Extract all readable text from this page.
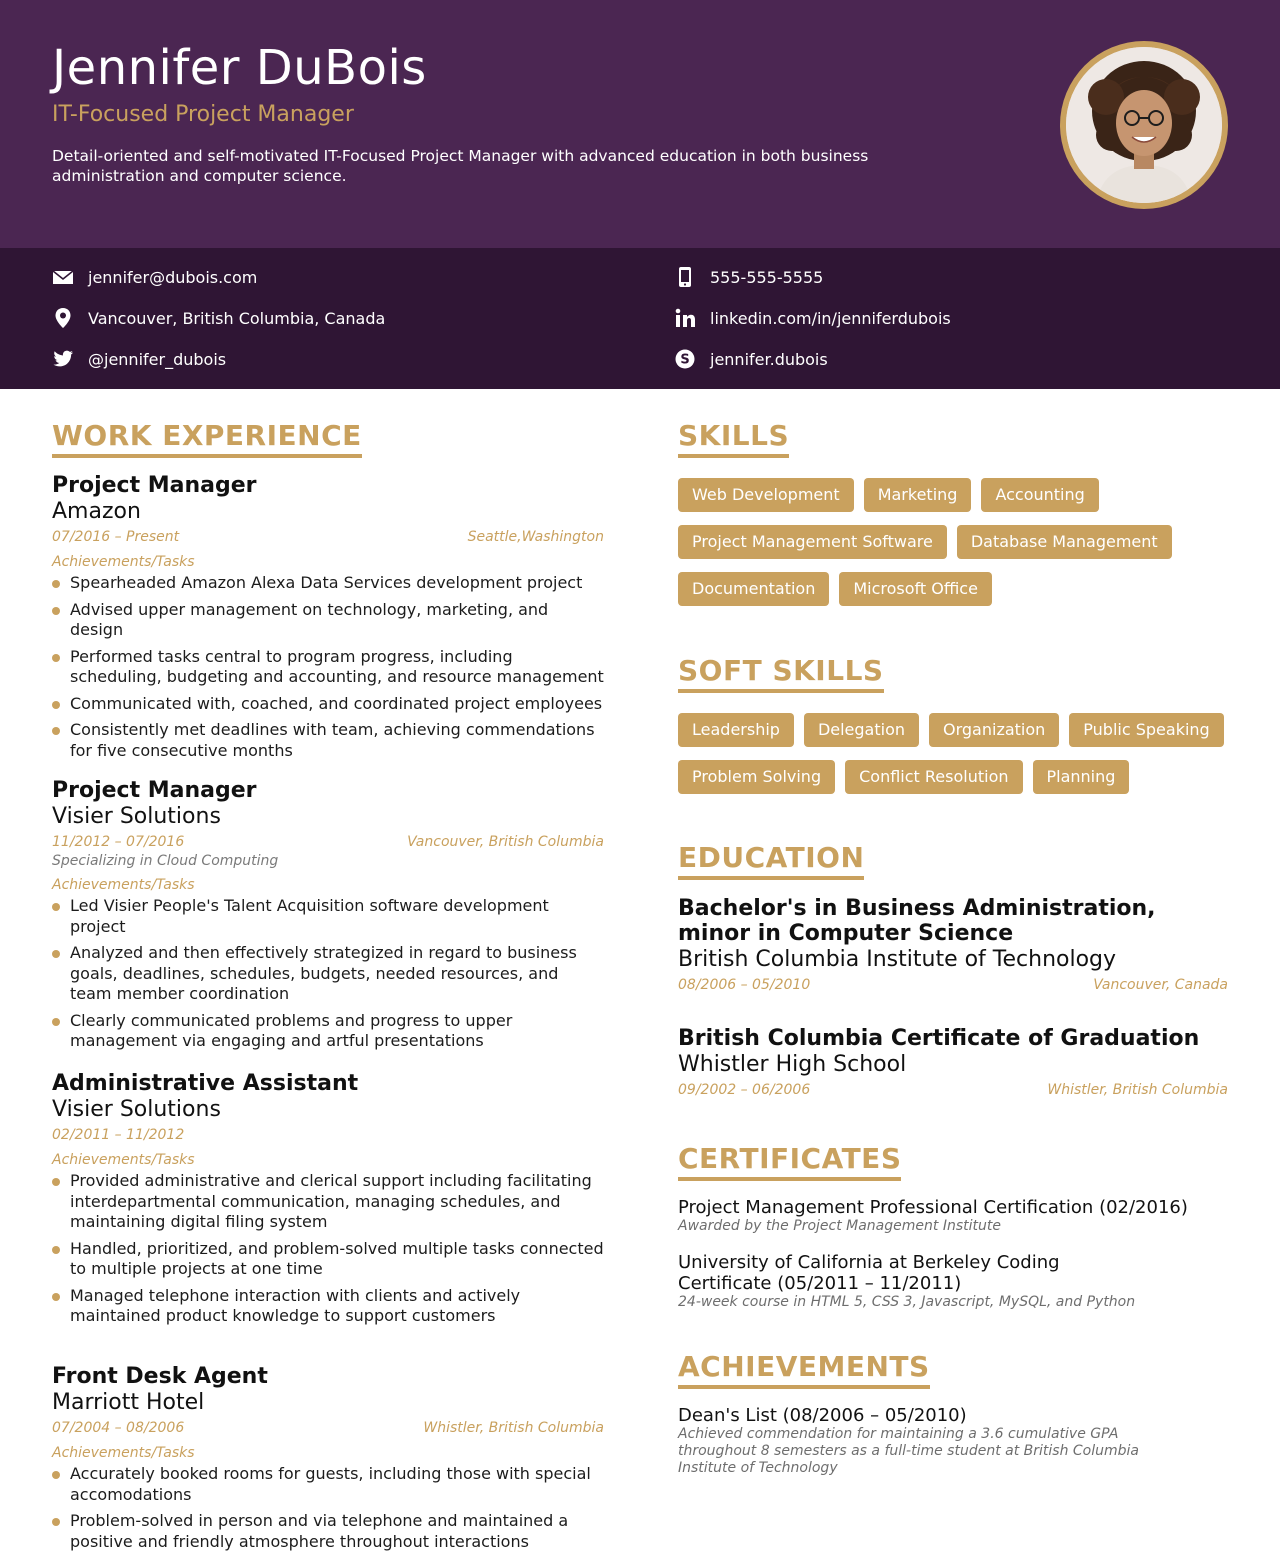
Jennifer DuBois
IT-Focused Project Manager

Detail-oriented and self-motivated IT-Focused Project Manager with advanced education in both business administration and computer science.

jennifer@dubois.com	555-555-5555
Vancouver, British Columbia, Canada	linkedin.com/in/jenniferdubois
@jennifer_dubois	S jennifer.dubois
WORK EXPERIENCE
Project Manager
Amazon
07/2016 – Present	Seattle,Washington
Achievements/Tasks
Spearheaded Amazon Alexa Data Services development project
Advised upper management on technology, marketing, and design
Performed tasks central to program progress, including scheduling, budgeting and accounting, and resource management
Communicated with, coached, and coordinated project employees
Consistently met deadlines with team, achieving commendations for five consecutive months
Project Manager
Visier Solutions
11/2012 – 07/2016	Vancouver, British Columbia
Specializing in Cloud Computing
Achievements/Tasks
Led Visier People's Talent Acquisition software development project
Analyzed and then effectively strategized in regard to business goals, deadlines, schedules, budgets, needed resources, and team member coordination
Clearly communicated problems and progress to upper management via engaging and artful presentations
Administrative Assistant
Visier Solutions
02/2011 – 11/2012
Achievements/Tasks
Provided administrative and clerical support including facilitating interdepartmental communication, managing schedules, and maintaining digital filing system
Handled, prioritized, and problem-solved multiple tasks connected to multiple projects at one time
Managed telephone interaction with clients and actively maintained product knowledge to support customers
Front Desk Agent
Marriott Hotel
07/2004 – 08/2006	Whistler, British Columbia
Achievements/Tasks
Accurately booked rooms for guests, including those with special accomodations
Problem-solved in person and via telephone and maintained a positive and friendly atmosphere throughout interactions
SKILLS
Web Development	Marketing	Accounting
Project Management Software	Database Management
Documentation	Microsoft Office
SOFT SKILLS
Leadership	Delegation	Organization	Public Speaking
Problem Solving	Conflict Resolution	Planning
EDUCATION
Bachelor's in Business Administration, minor in Computer Science
British Columbia Institute of Technology
08/2006 – 05/2010	Vancouver, Canada
British Columbia Certificate of Graduation
Whistler High School
09/2002 – 06/2006	Whistler, British Columbia
CERTIFICATES
Project Management Professional Certification (02/2016)
Awarded by the Project Management Institute
University of California at Berkeley Coding Certificate (05/2011 – 11/2011)
24-week course in HTML 5, CSS 3, Javascript, MySQL, and Python
ACHIEVEMENTS
Dean's List (08/2006 – 05/2010)
Achieved commendation for maintaining a 3.6 cumulative GPA throughout 8 semesters as a full-time student at British Columbia Institute of Technology
